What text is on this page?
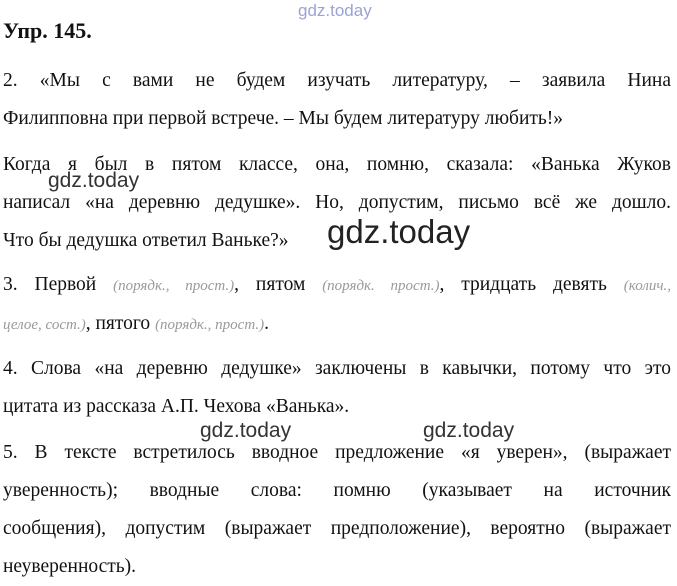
gdz.today
Упр. 145.
2. «Мы с вами не будем изучать литературу, – заявила Нина
Филипповна при первой встрече. – Мы будем литературу любить!»
Когда я был в пятом классе, она, помню, сказала: «Ванька Жуков
написал «на деревню дедушке». Но, допустим, письмо всё же дошло.
Что бы дедушка ответил Ваньке?»
3. Первой (порядк., прост.), пятом (порядк. прост.), тридцать девять (колич.,
целое, сост.), пятого (порядк., прост.).
4. Слова «на деревню дедушке» заключены в кавычки, потому что это
цитата из рассказа А.П. Чехова «Ванька».
5. В тексте встретилось вводное предложение «я уверен», (выражает
уверенность); вводные слова: помню (указывает на источник
сообщения), допустим (выражает предположение), вероятно (выражает
неуверенность).
gdz.today
gdz.today
gdz.today	gdz.today
